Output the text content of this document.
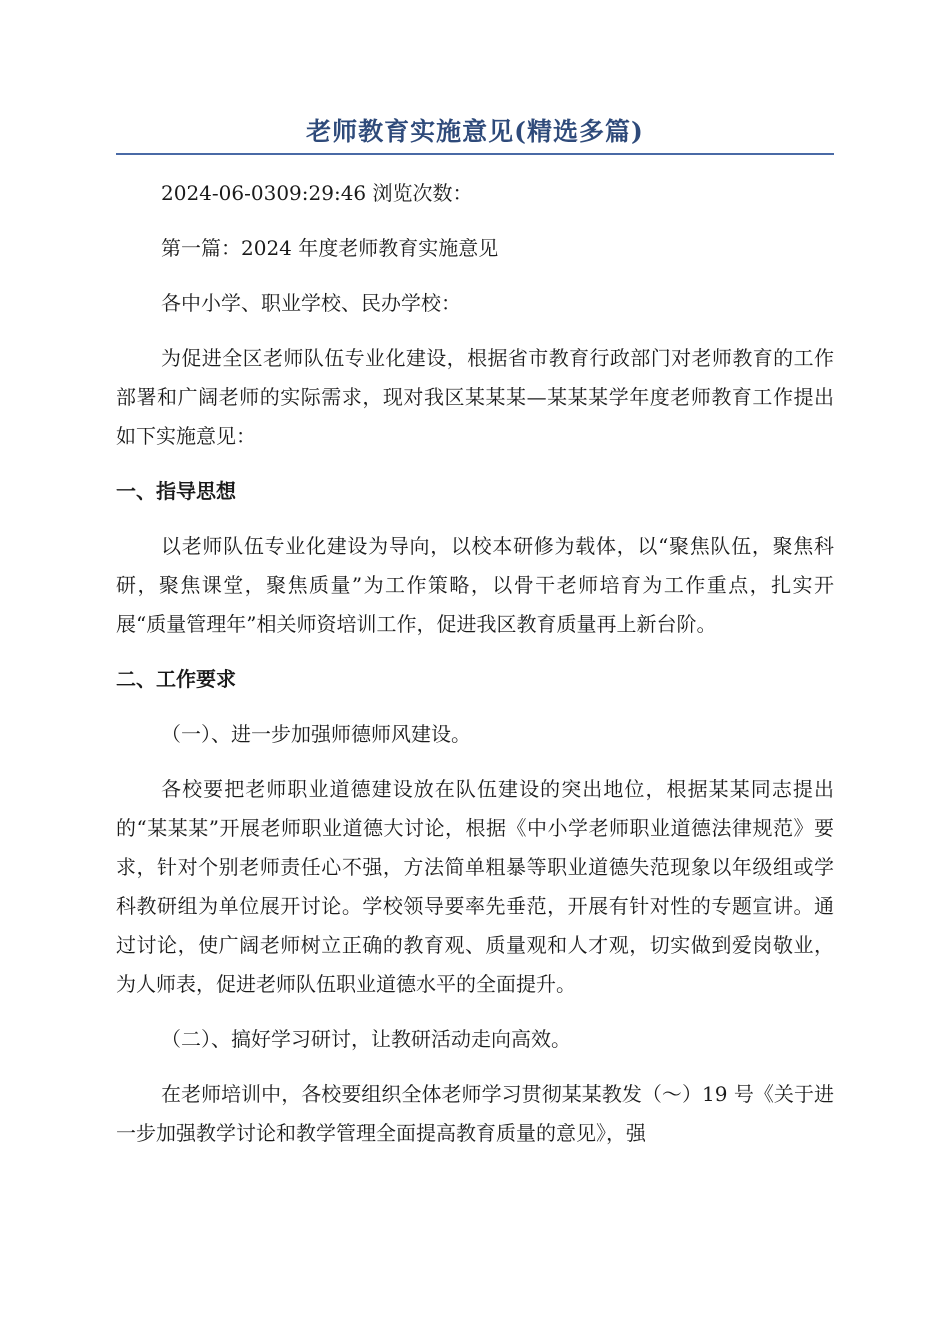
老师教育实施意见(精选多篇)

2024-06-0309:29:46 浏览次数：

第一篇：2024 年度老师教育实施意见

各中小学、职业学校、民办学校：

为促进全区老师队伍专业化建设，根据省市教育行政部门对老师教育的工作部署和广阔老师的实际需求，现对我区某某某—某某某学年度老师教育工作提出如下实施意见：

一、指导思想

以老师队伍专业化建设为导向，以校本研修为载体，以“聚焦队伍，聚焦科研，聚焦课堂，聚焦质量”为工作策略，以骨干老师培育为工作重点，扎实开展“质量管理年”相关师资培训工作，促进我区教育质量再上新台阶。

二、工作要求

（一）、进一步加强师德师风建设。

各校要把老师职业道德建设放在队伍建设的突出地位，根据某某同志提出的“某某某”开展老师职业道德大讨论，根据《中小学老师职业道德法律规范》要求，针对个别老师责任心不强，方法简单粗暴等职业道德失范现象以年级组或学科教研组为单位展开讨论。学校领导要率先垂范，开展有针对性的专题宣讲。通过讨论，使广阔老师树立正确的教育观、质量观和人才观，切实做到爱岗敬业，为人师表，促进老师队伍职业道德水平的全面提升。

（二）、搞好学习研讨，让教研活动走向高效。

在老师培训中，各校要组织全体老师学习贯彻某某教发（～）19 号《关于进一步加强教学讨论和教学管理全面提高教育质量的意见》，强
